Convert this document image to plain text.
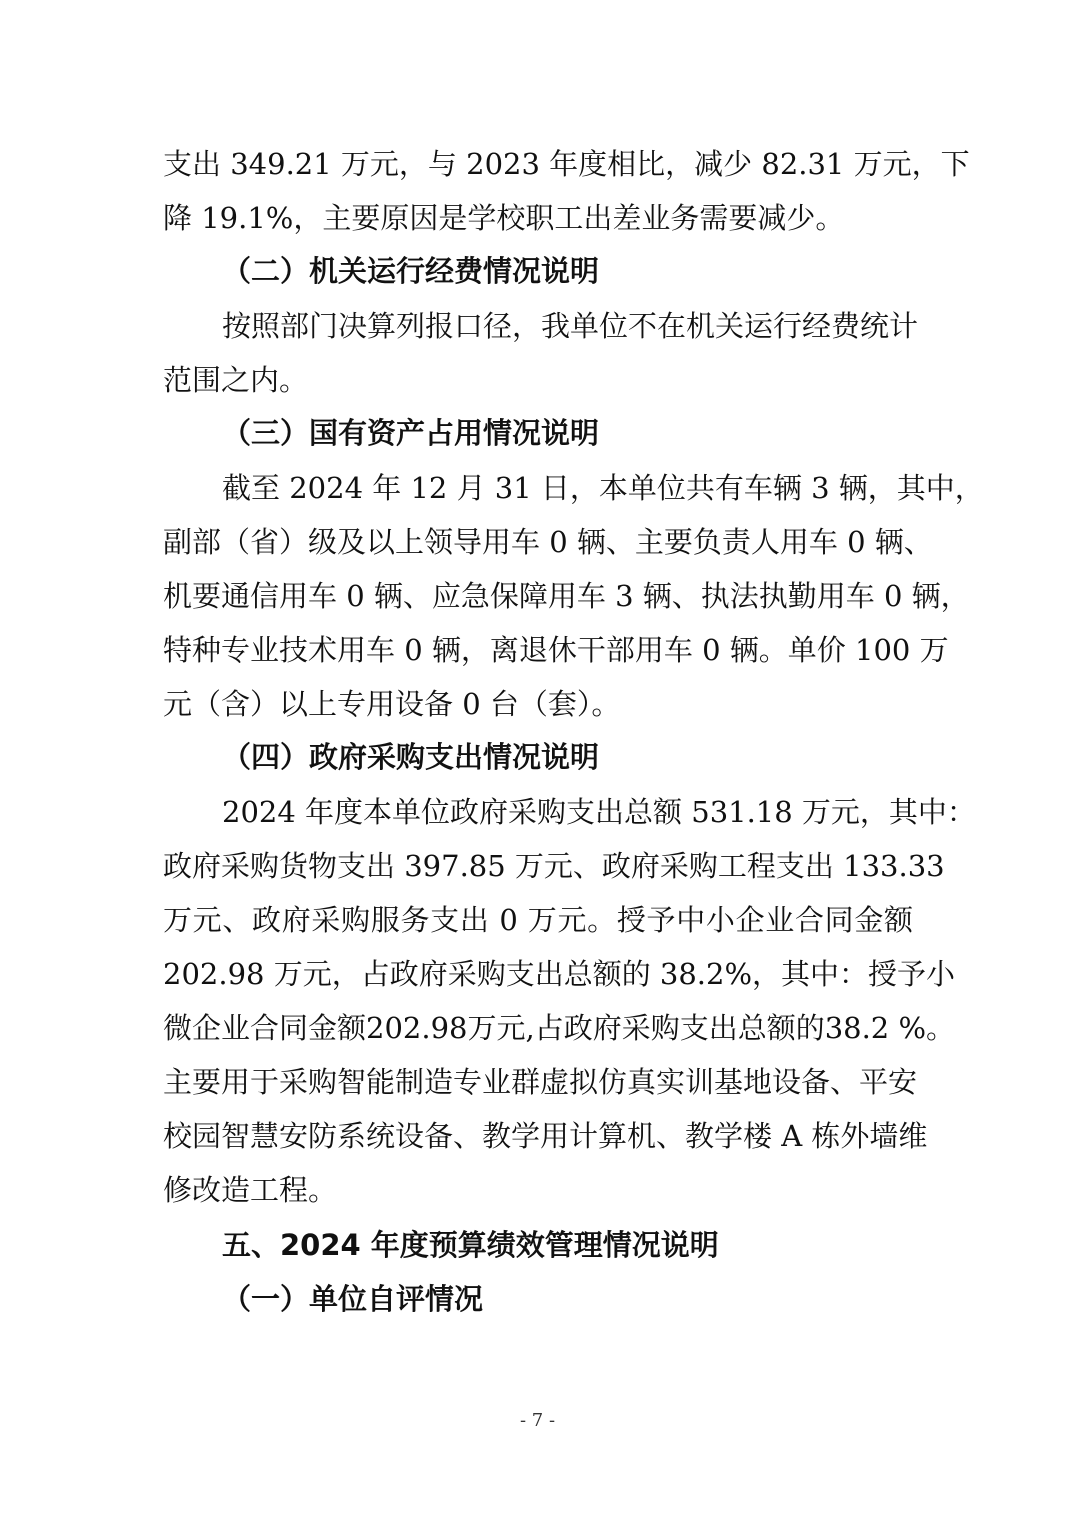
支出 349.21 万元，与 2023 年度相比，减少 82.31 万元，下
降 19.1%，主要原因是学校职工出差业务需要减少。
（二）机关运行经费情况说明
按照部门决算列报口径，我单位不在机关运行经费统计
范围之内。
（三）国有资产占用情况说明
截至 2024 年 12 月 31 日，本单位共有车辆 3 辆，其中，
副部（省）级及以上领导用车 0 辆、主要负责人用车 0 辆、
机要通信用车 0 辆、应急保障用车 3 辆、执法执勤用车 0 辆，
特种专业技术用车 0 辆，离退休干部用车 0 辆。单价 100 万
元（含）以上专用设备 0 台（套）。
（四）政府采购支出情况说明
2024 年度本单位政府采购支出总额 531.18 万元，其中：
政府采购货物支出 397.85 万元、政府采购工程支出 133.33
万元、政府采购服务支出 0 万元。授予中小企业合同金额
202.98 万元，占政府采购支出总额的 38.2%，其中：授予小
微企业合同金额202.98万元,占政府采购支出总额的38.2 %。
主要用于采购智能制造专业群虚拟仿真实训基地设备、平安
校园智慧安防系统设备、教学用计算机、教学楼 A 栋外墙维
修改造工程。
五、2024 年度预算绩效管理情况说明
（一）单位自评情况
- 7 -
